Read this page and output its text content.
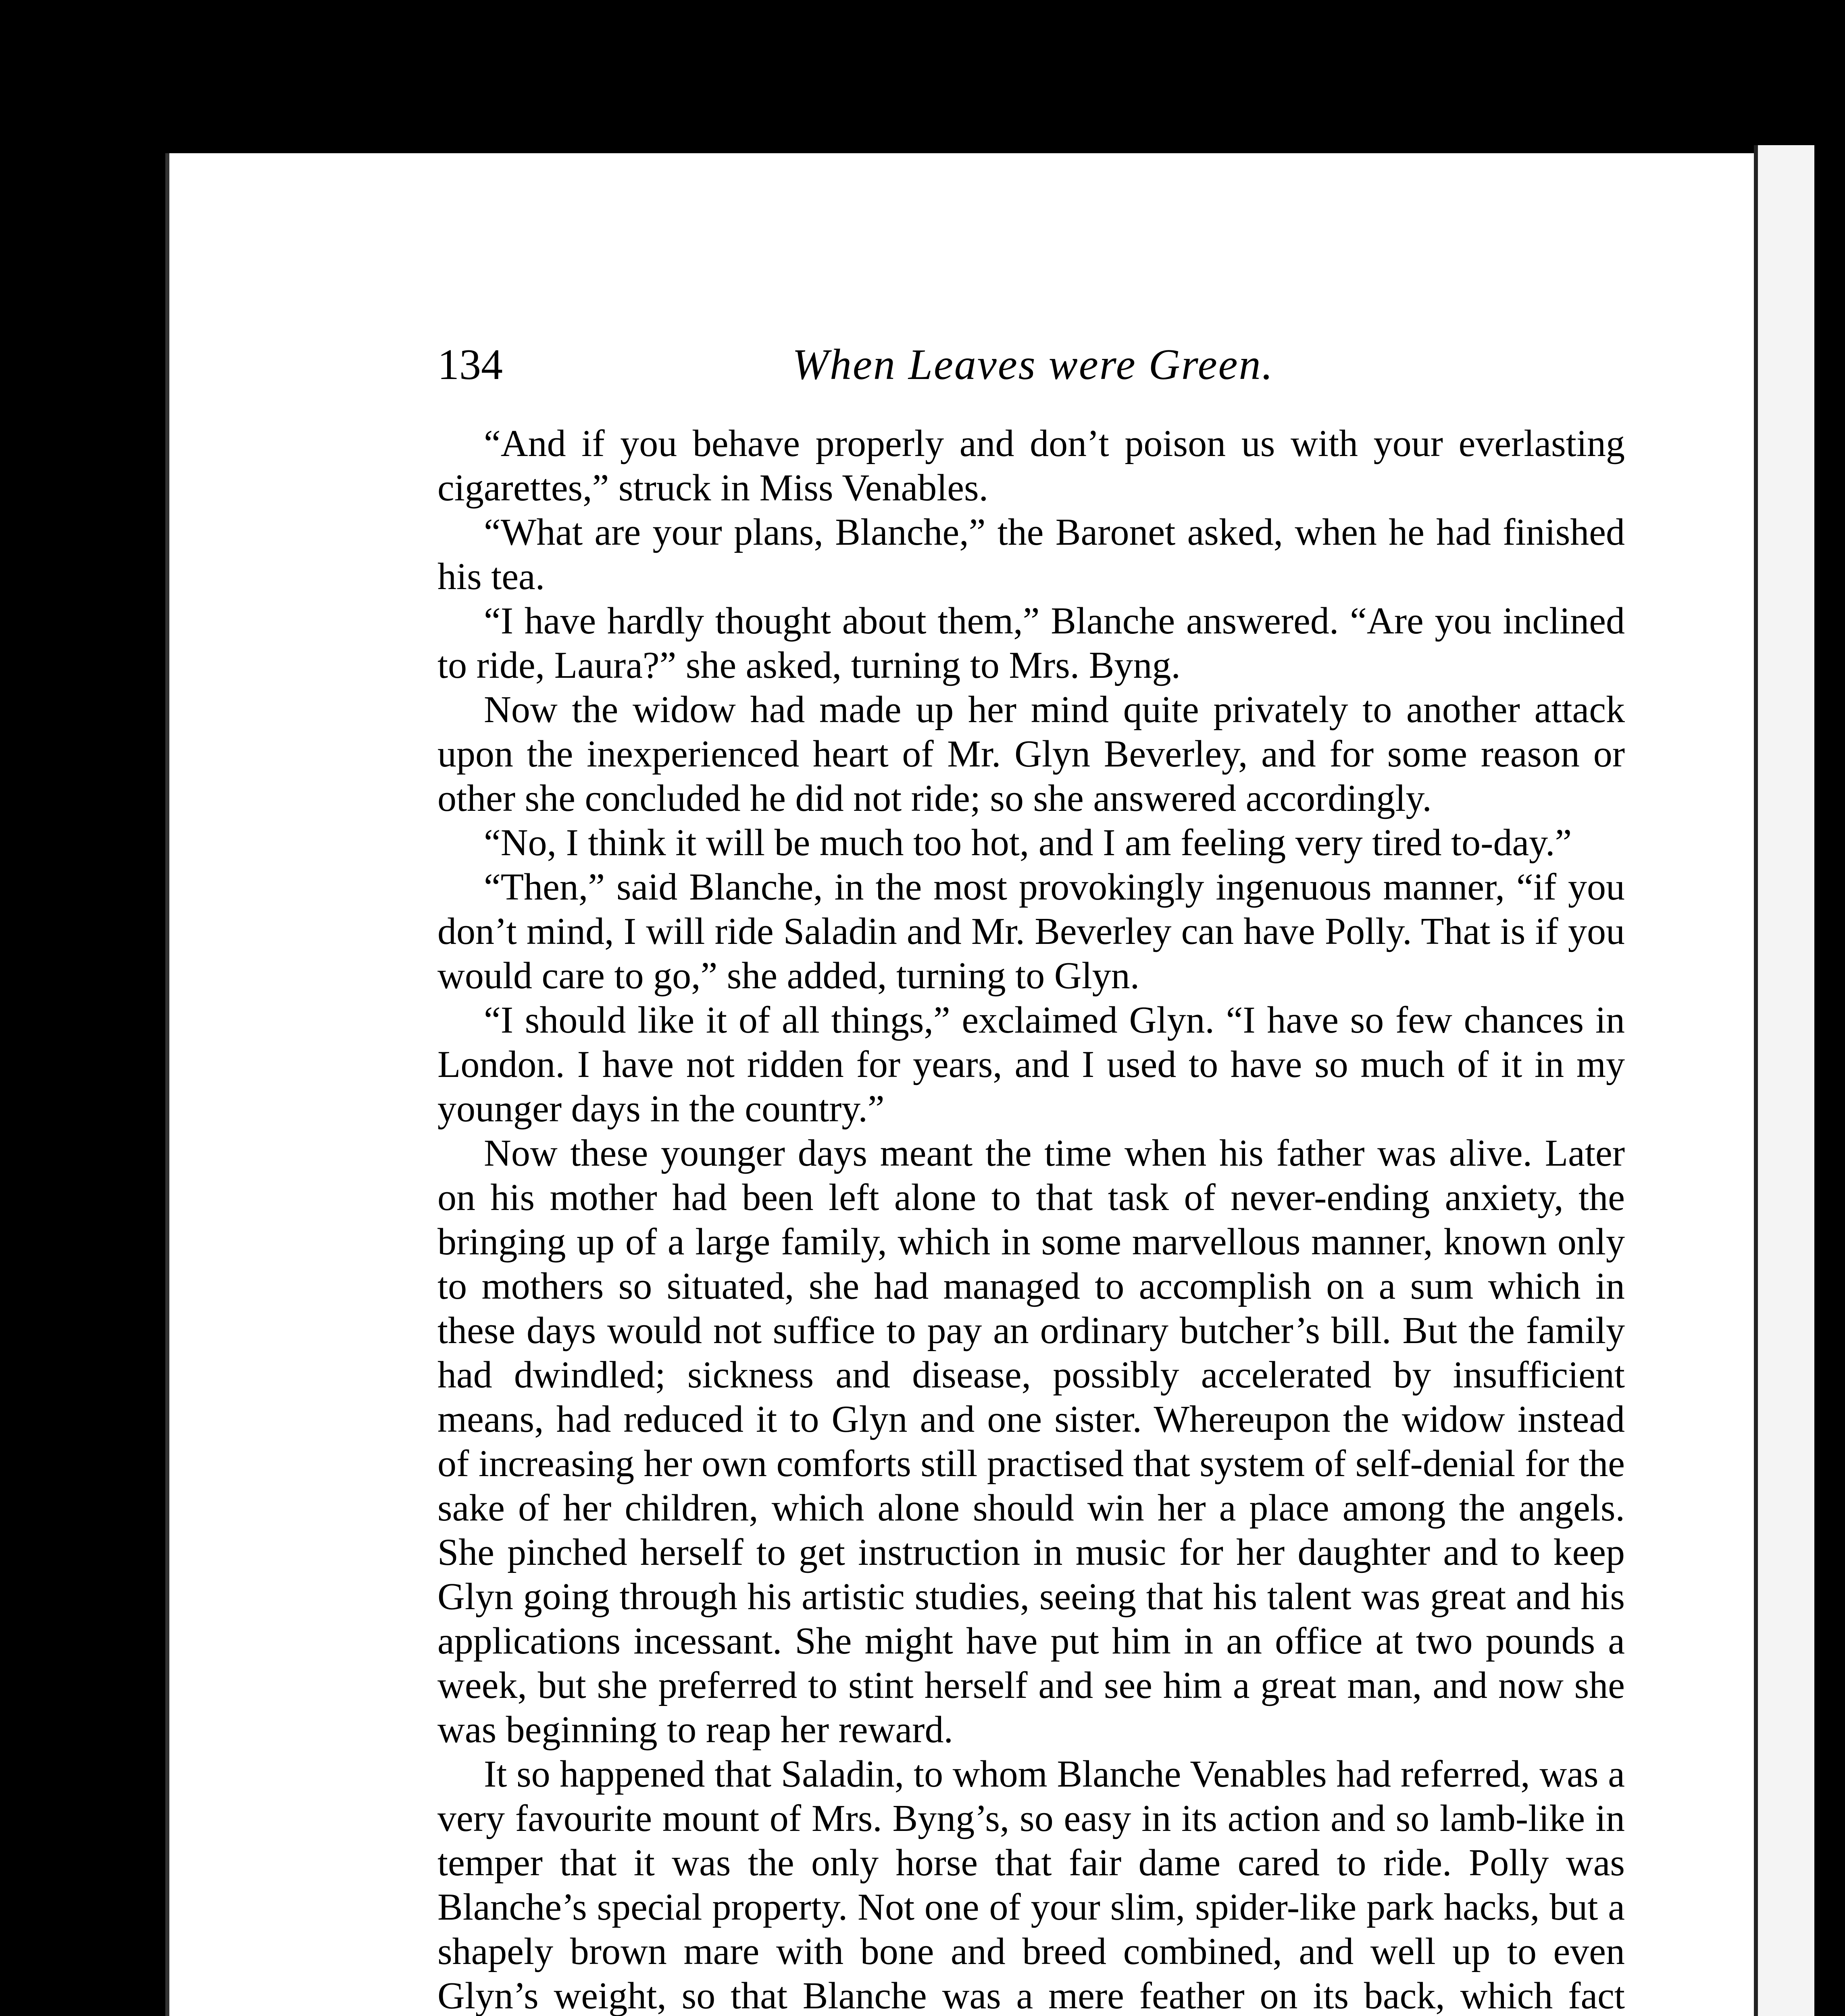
134	When Leaves were Green.

“And if you behave properly and don’t poison us with your everlasting cigarettes,” struck in Miss Venables.

“What are your plans, Blanche,” the Baronet asked, when he had finished his tea.

“I have hardly thought about them,” Blanche answered. “Are you inclined to ride, Laura?” she asked, turning to Mrs. Byng.

Now the widow had made up her mind quite privately to another attack upon the inexperienced heart of Mr. Glyn Beverley, and for some reason or other she concluded he did not ride; so she answered accordingly.

“No, I think it will be much too hot, and I am feeling very tired to-day.”

“Then,” said Blanche, in the most provokingly ingenuous manner, “if you don’t mind, I will ride Saladin and Mr. Beverley can have Polly. That is if you would care to go,” she added, turning to Glyn.

“I should like it of all things,” exclaimed Glyn. “I have so few chances in London. I have not ridden for years, and I used to have so much of it in my younger days in the country.”

Now these younger days meant the time when his father was alive. Later on his mother had been left alone to that task of never-ending anxiety, the bringing up of a large family, which in some marvellous manner, known only to mothers so situated, she had managed to accomplish on a sum which in these days would not suffice to pay an ordinary butcher’s bill. But the family had dwindled; sickness and disease, possibly accelerated by insufficient means, had reduced it to Glyn and one sister. Whereupon the widow instead of increasing her own comforts still practised that system of self-denial for the sake of her children, which alone should win her a place among the angels. She pinched herself to get instruction in music for her daughter and to keep Glyn going through his artistic studies, seeing that his talent was great and his applications incessant. She might have put him in an office at two pounds a week, but she preferred to stint herself and see him a great man, and now she was beginning to reap her reward.

It so happened that Saladin, to whom Blanche Venables had referred, was a very favourite mount of Mrs. Byng’s, so easy in its action and so lamb-like in temper that it was the only horse that fair dame cared to ride. Polly was Blanche’s special property. Not one of your slim, spider-like park hacks, but a shapely brown mare with bone and breed combined, and well up to even Glyn’s weight, so that Blanche was a mere feather on its back, which fact
